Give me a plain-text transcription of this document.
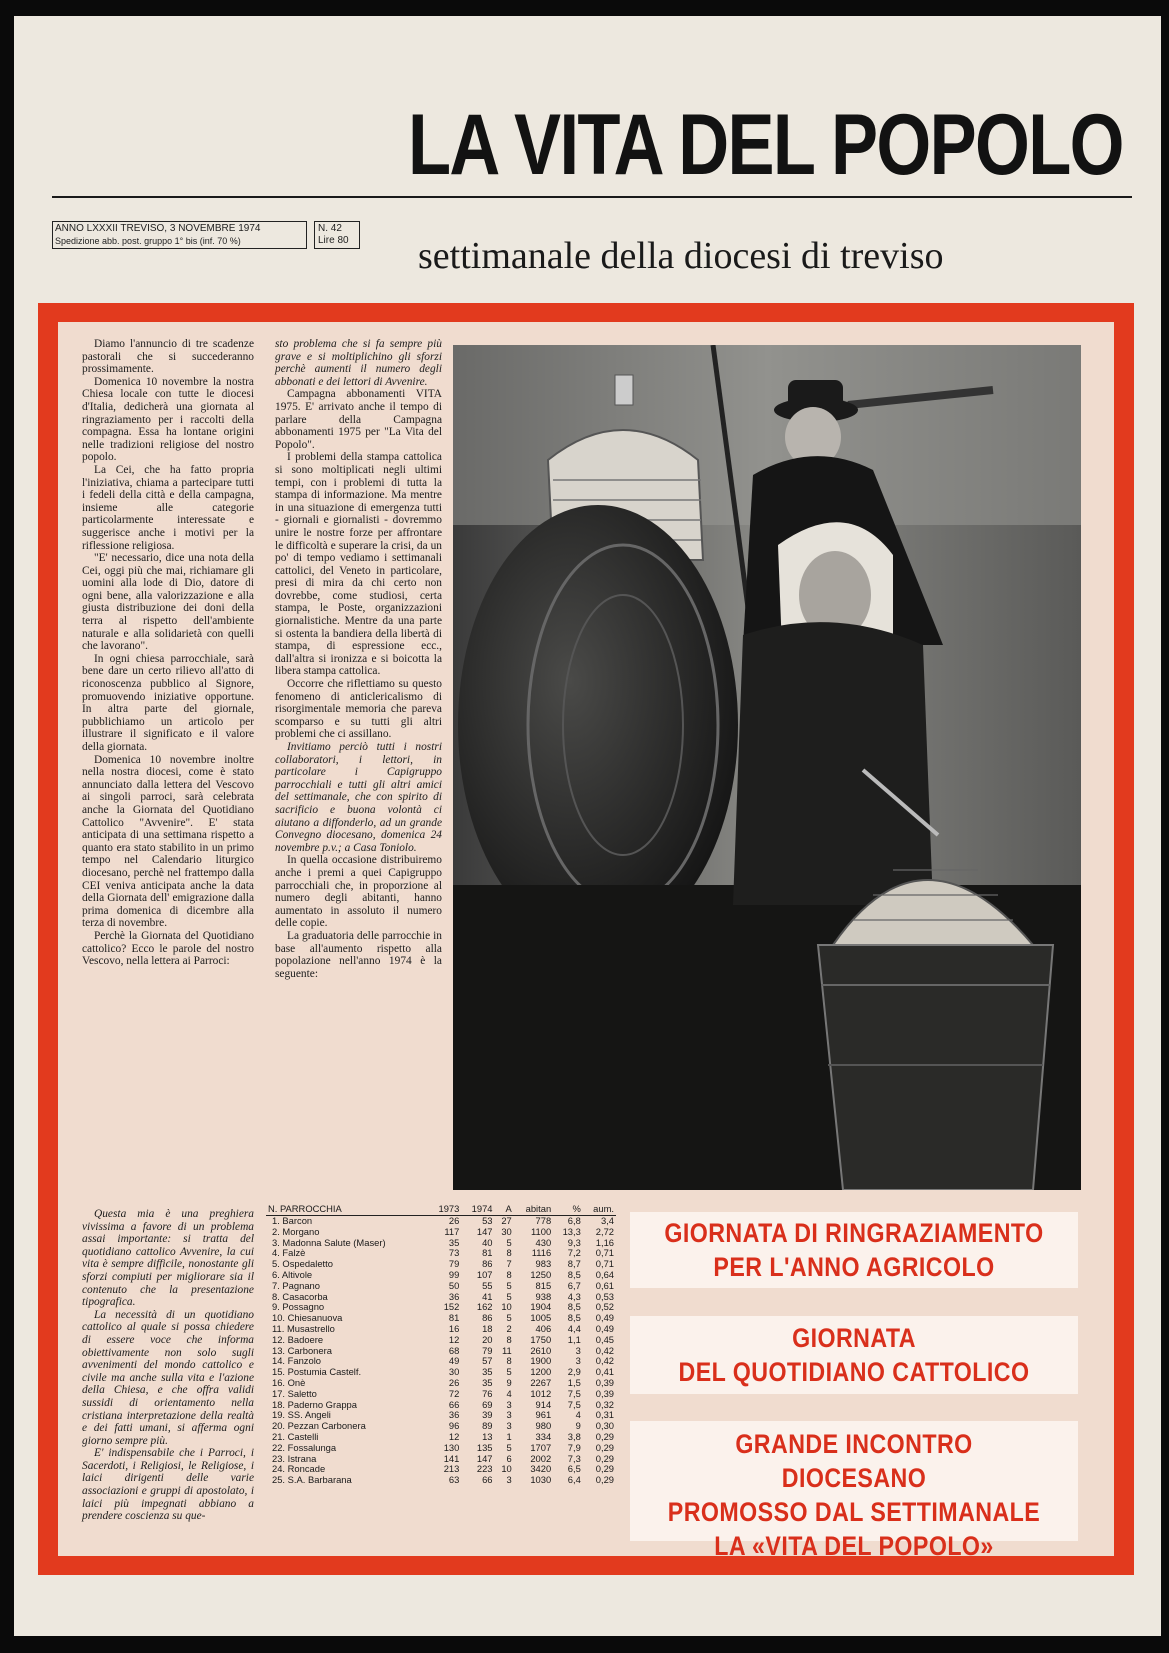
LA VITA DEL POPOLO
ANNO LXXXII TREVISO, 3 NOVEMBRE 1974
Spedizione abb. post. gruppo 1° bis (inf. 70 %)
N. 42
Lire 80 settimanale della diocesi di treviso

Diamo l'annuncio di tre scadenze pastorali che si succederanno prossimamente.

Domenica 10 novembre la nostra Chiesa locale con tutte le diocesi d'Italia, dedicherà una giornata al ringraziamento per i raccolti della compagna. Essa ha lontane origini nelle tradizioni religiose del nostro popolo.

La Cei, che ha fatto propria l'iniziativa, chiama a partecipare tutti i fedeli della città e della campagna, insieme alle categorie particolarmente interessate e suggerisce anche i motivi per la riflessione religiosa.

"E' necessario, dice una nota della Cei, oggi più che mai, richiamare gli uomini alla lode di Dio, datore di ogni bene, alla valorizzazione e alla giusta distribuzione dei doni della terra al rispetto dell'ambiente naturale e alla solidarietà con quelli che lavorano".

In ogni chiesa parrocchiale, sarà bene dare un certo rilievo all'atto di riconoscenza pubblico al Signore, promuovendo iniziative opportune. In altra parte del giornale, pubblichiamo un articolo per illustrare il significato e il valore della giornata.

Domenica 10 novembre inoltre nella nostra diocesi, come è stato annunciato dalla lettera del Vescovo ai singoli parroci, sarà celebrata anche la Giornata del Quotidiano Cattolico "Avvenire". E' stata anticipata di una settimana rispetto a quanto era stato stabilito in un primo tempo nel Calendario liturgico diocesano, perchè nel frattempo dalla CEI veniva anticipata anche la data della Giornata dell' emigrazione dalla prima domenica di dicembre alla terza di novembre.

Perchè la Giornata del Quotidiano cattolico? Ecco le parole del nostro Vescovo, nella lettera ai Parroci:

Questa mia è una preghiera vivissima a favore di un problema assai importante: si tratta del quotidiano cattolico Avvenire, la cui vita è sempre difficile, nonostante gli sforzi compiuti per migliorare sia il contenuto che la presentazione tipografica.

La necessità di un quotidiano cattolico al quale si possa chiedere di essere voce che informa obiettivamente non solo sugli avvenimenti del mondo cattolico e civile ma anche sulla vita e l'azione della Chiesa, e che offra validi sussidi di orientamento nella cristiana interpretazione della realtà e dei fatti umani, si afferma ogni giorno sempre più.

E' indispensabile che i Parroci, i Sacerdoti, i Religiosi, le Religiose, i laici dirigenti delle varie associazioni e gruppi di apostolato, i laici più impegnati abbiano a prendere coscienza su que-

sto problema che si fa sempre più grave e si moltiplichino gli sforzi perchè aumenti il numero degli abbonati e dei lettori di Avvenire.

Campagna abbonamenti VITA 1975. E' arrivato anche il tempo di parlare della Campagna abbonamenti 1975 per "La Vita del Popolo".

I problemi della stampa cattolica si sono moltiplicati negli ultimi tempi, con i problemi di tutta la stampa di informazione. Ma mentre in una situazione di emergenza tutti - giornali e giornalisti - dovremmo unire le nostre forze per affrontare le difficoltà e superare la crisi, da un po' di tempo vediamo i settimanali cattolici, del Veneto in particolare, presi di mira da chi certo non dovrebbe, come studiosi, certa stampa, le Poste, organizzazioni giornalistiche. Mentre da una parte si ostenta la bandiera della libertà di stampa, di espressione ecc., dall'altra si ironizza e si boicotta la libera stampa cattolica.

Occorre che riflettiamo su questo fenomeno di anticlericalismo di risorgimentale memoria che pareva scomparso e su tutti gli altri problemi che ci assillano.

Invitiamo perciò tutti i nostri collaboratori, i lettori, in particolare i Capigruppo parrocchiali e tutti gli altri amici del settimanale, che con spirito di sacrificio e buona volontà ci aiutano a diffonderlo, ad un grande Convegno diocesano, domenica 24 novembre p.v.; a Casa Toniolo.

In quella occasione distribuiremo anche i premi a quei Capigruppo parrocchiali che, in proporzione al numero degli abitanti, hanno aumentato in assoluto il numero delle copie.

La graduatoria delle parrocchie in base all'aumento rispetto alla popolazione nell'anno 1974 è la seguente:

N. PARROCCHIA	1973	1974	A	abitan	%	aum.
1. Barcon	26	53	27	778	6,8	3,4
2. Morgano	117	147	30	1100	13,3	2,72
3. Madonna Salute (Maser)	35	40	5	430	9,3	1,16
4. Falzè	73	81	8	1116	7,2	0,71
5. Ospedaletto	79	86	7	983	8,7	0,71
6. Altivole	99	107	8	1250	8,5	0,64
7. Pagnano	50	55	5	815	6,7	0,61
8. Casacorba	36	41	5	938	4,3	0,53
9. Possagno	152	162	10	1904	8,5	0,52
10. Chiesanuova	81	86	5	1005	8,5	0,49
11. Musastrello	16	18	2	406	4,4	0,49
12. Badoere	12	20	8	1750	1,1	0,45
13. Carbonera	68	79	11	2610	3	0,42
14. Fanzolo	49	57	8	1900	3	0,42
15. Postumia Castelf.	30	35	5	1200	2,9	0,41
16. Onè	26	35	9	2267	1,5	0,39
17. Saletto	72	76	4	1012	7,5	0,39
18. Paderno Grappa	66	69	3	914	7,5	0,32
19. SS. Angeli	36	39	3	961	4	0,31
20. Pezzan Carbonera	96	89	3	980	9	0,30
21. Castelli	12	13	1	334	3,8	0,29
22. Fossalunga	130	135	5	1707	7,9	0,29
23. Istrana	141	147	6	2002	7,3	0,29
24. Roncade	213	223	10	3420	6,5	0,29
25. S.A. Barbarana	63	66	3	1030	6,4	0,29
GIORNATA DI RINGRAZIAMENTO
PER L'ANNO AGRICOLO
GIORNATA
DEL QUOTIDIANO CATTOLICO
GRANDE INCONTRO DIOCESANO
PROMOSSO DAL SETTIMANALE
LA «VITA DEL POPOLO»
